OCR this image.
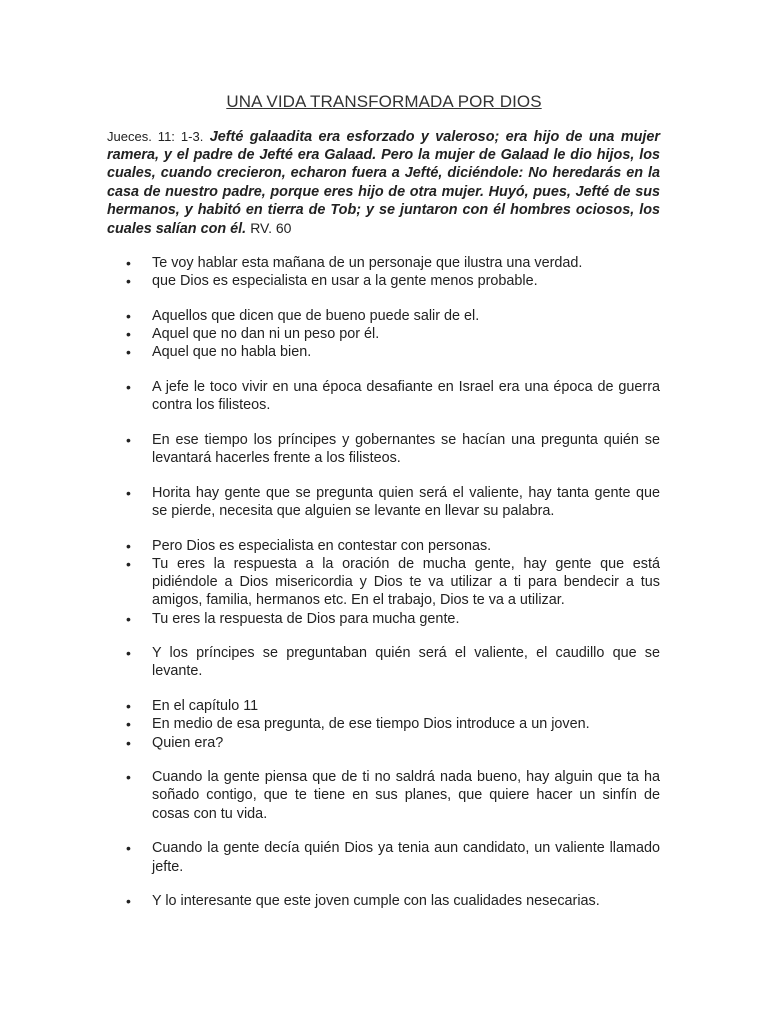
UNA VIDA TRANSFORMADA POR DIOS

Jueces. 11: 1-3. Jefté galaadita era esforzado y valeroso; era hijo de una mujer ramera, y el padre de Jefté era Galaad. Pero la mujer de Galaad le dio hijos, los cuales, cuando crecieron, echaron fuera a Jefté, diciéndole: No heredarás en la casa de nuestro padre, porque eres hijo de otra mujer. Huyó, pues, Jefté de sus hermanos, y habitó en tierra de Tob; y se juntaron con él hombres ociosos, los cuales salían con él. RV. 60

• Te voy hablar esta mañana de un personaje que ilustra una verdad.
• que Dios es especialista en usar a la gente menos probable.
• Aquellos que dicen que de bueno puede salir de el.
• Aquel que no dan ni un peso por él.
• Aquel que no habla bien.
• A jefe le toco vivir en una época desafiante en Israel era una época de guerra contra los filisteos.
• En ese tiempo los príncipes y gobernantes se hacían una pregunta quién se levantará hacerles frente a los filisteos.
• Horita hay gente que se pregunta quien será el valiente, hay tanta gente que se pierde, necesita que alguien se levante en llevar su palabra.
• Pero Dios es especialista en contestar con personas.
• Tu eres la respuesta a la oración de mucha gente, hay gente que está pidiéndole a Dios misericordia y Dios te va utilizar a ti para bendecir a tus amigos, familia, hermanos etc. En el trabajo, Dios te va a utilizar.
• Tu eres la respuesta de Dios para mucha gente.
• Y los príncipes se preguntaban quién será el valiente, el caudillo que se levante.
• En el capítulo 11
• En medio de esa pregunta, de ese tiempo Dios introduce a un joven.
• Quien era?
• Cuando la gente piensa que de ti no saldrá nada bueno, hay alguin que ta ha soñado contigo, que te tiene en sus planes, que quiere hacer un sinfín de cosas con tu vida.
• Cuando la gente decía quién Dios ya tenia aun candidato, un valiente llamado jefte.
• Y lo interesante que este joven cumple con las cualidades nesecarias.
